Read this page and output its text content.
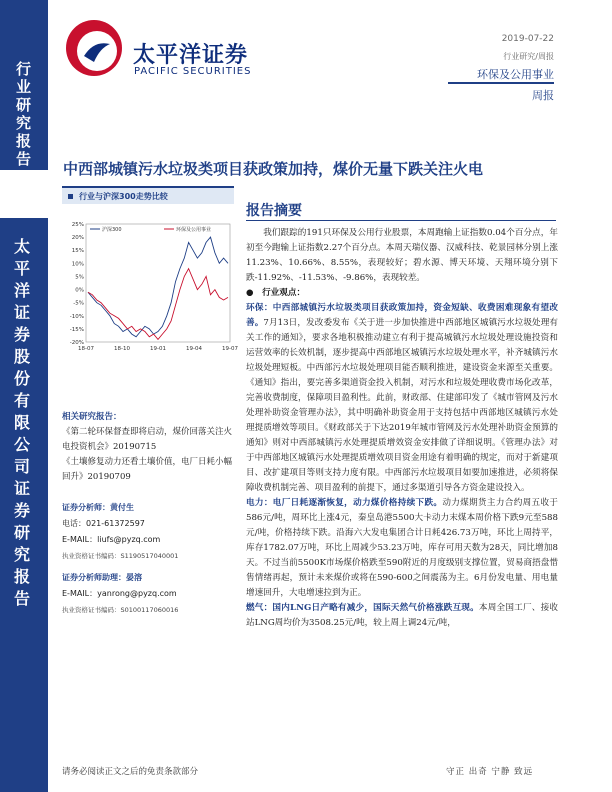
行业研究报告
太平洋证券股份有限公司证券研究报告
太平洋证券
PACIFIC SECURITIES
2019-07-22
行业研究/周报
环保及公用事业
周报
中西部城镇污水垃圾类项目获政策加持，煤价无量下跌关注火电
行业与沪深300走势比较
25%
20%
15%
10%
5%
0%
-5%
-10%
-15%
-20%
18-07	18-10	19-01	19-04	19-07
沪深300	环保及公用事业
相关研究报告：
《第二轮环保督查即将启动，煤价回落关注火电投资机会》20190715
《土壤修复动力还看土壤价值，电厂日耗小幅回升》20190709
证券分析师：黄付生
电话：021-61372597
E-MAIL：liufs@pyzq.com
执业资格证书编码：S1190517040001
证券分析师助理：晏溶
E-MAIL：yanrong@pyzq.com
执业资格证书编码：S0100117060016
报告摘要

我们跟踪的191只环保及公用行业股票，本周跑输上证指数0.04个百分点，年初至今跑输上证指数2.27个百分点。本周天瑞仪器、汉威科技、乾景园林分别上涨11.23%、10.66%、8.55%，表现较好；碧水源、博天环境、天翔环境分别下跌-11.92%、-11.53%、-9.86%，表现较差。

●　行业观点：

环保：中西部城镇污水垃圾类项目获政策加持，资金短缺、收费困难现象有望改善。7月13日，发改委发布《关于进一步加快推进中西部地区城镇污水垃圾处理有关工作的通知》，要求各地积极推动建立有利于提高城镇污水垃圾处理设施投资和运营效率的长效机制，逐步提高中西部地区城镇污水垃圾处理水平，补齐城镇污水垃圾处理短板。中西部污水垃圾处理项目能否顺利推进，建设资金来源至关重要。《通知》指出，要完善多渠道资金投入机制，对污水和垃圾处理收费市场化改革，完善收费制度，保障项目盈利性。此前，财政部、住建部印发了《城市管网及污水处理补助资金管理办法》，其中明确补助资金用于支持包括中西部地区城镇污水处理提质增效等项目。《财政部关于下达2019年城市管网及污水处理补助资金预算的通知》则对中西部城镇污水处理提质增效资金安排做了详细说明。《管理办法》对于中西部地区城镇污水处理提质增效项目资金用途有着明确的规定，而对于新建项目、改扩建项目等则支持力度有限。中西部污水垃圾项目如要加速推进，必须将保障收费机制完善、项目盈利的前提下，通过多渠道引导各方资金建设投入。

电力：电厂日耗逐渐恢复，动力煤价格持续下跌。动力煤期货主力合约周五收于586元/吨，周环比上涨4元，秦皇岛港5500大卡动力末煤本周价格下跌9元至588元/吨，价格持续下跌。沿海六大发电集团合计日耗426.73万吨，环比上周持平，库存1782.07万吨，环比上周减少53.23万吨，库存可用天数为28天，同比增加8天。不过当前5500K市场煤价格跌至590附近的月度级别支撑位置，贸易商捂盘惜售情绪再起，预计未来煤价或将在590-600之间震荡为主。6月份发电量、用电量增速回升，大电增速拉到为正。

燃气：国内LNG日产略有减少，国际天然气价格涨跌互现。本周全国工厂、接收站LNG周均价为3508.25元/吨，较上周上调24元/吨，

请务必阅读正文之后的免责条款部分	守正 出奇 宁静 致远
